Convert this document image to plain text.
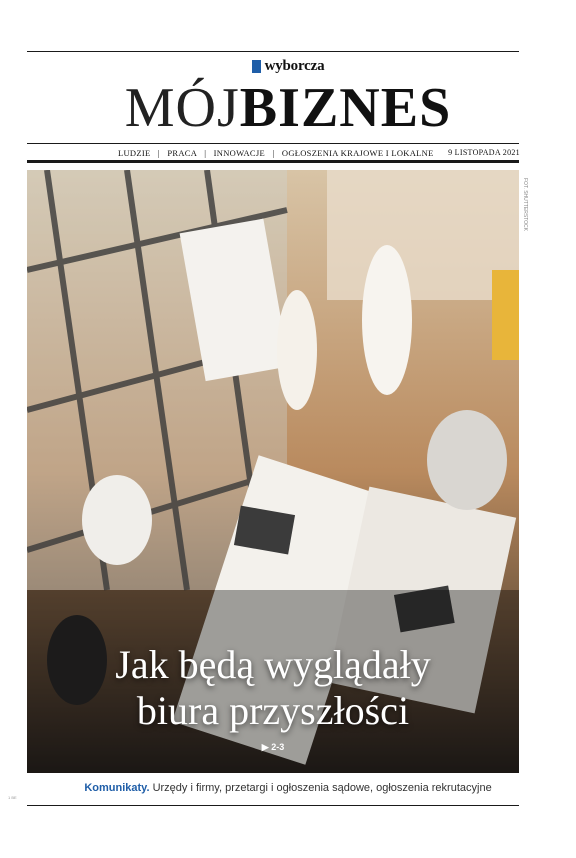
wyborcza
MÓJBIZNES
LUDZIE | PRACA | INNOWACJE | OGŁOSZENIA KRAJOWE I LOKALNE 9 LISTOPADA 2021
Jak będą wyglądały
biura przyszłości
▶ 2-3
FOT. SHUTTERSTOCK
Komunikaty. Urzędy i firmy, przetargi i ogłoszenia sądowe, ogłoszenia rekrutacyjne
1 BE
